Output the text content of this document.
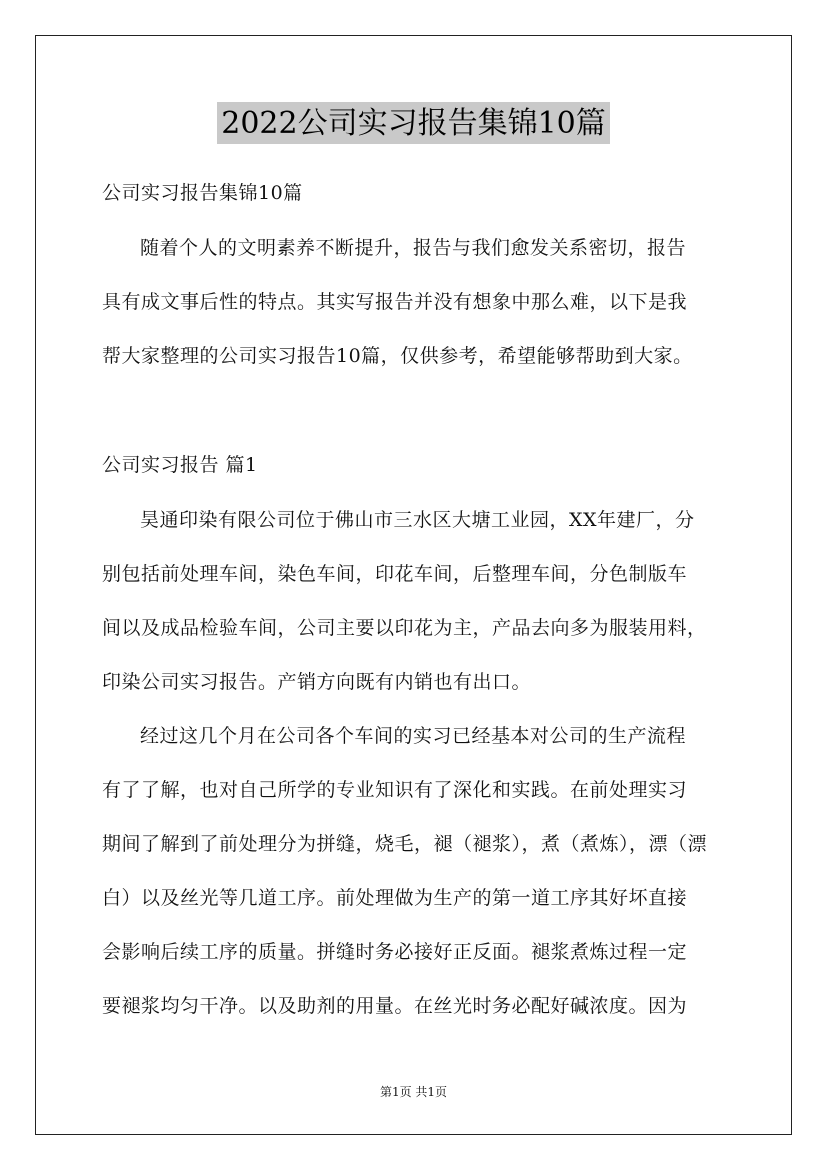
2022公司实习报告集锦10篇

公司实习报告集锦10篇

随着个人的文明素养不断提升，报告与我们愈发关系密切，报告

具有成文事后性的特点。其实写报告并没有想象中那么难，以下是我

帮大家整理的公司实习报告10篇，仅供参考，希望能够帮助到大家。

公司实习报告 篇1

昊通印染有限公司位于佛山市三水区大塘工业园，XX年建厂，分

别包括前处理车间，染色车间，印花车间，后整理车间，分色制版车

间以及成品检验车间，公司主要以印花为主，产品去向多为服装用料，

印染公司实习报告。产销方向既有内销也有出口。

经过这几个月在公司各个车间的实习已经基本对公司的生产流程

有了了解，也对自己所学的专业知识有了深化和实践。在前处理实习

期间了解到了前处理分为拼缝，烧毛，褪（褪浆），煮（煮炼），漂（漂

白）以及丝光等几道工序。前处理做为生产的第一道工序其好坏直接

会影响后续工序的质量。拼缝时务必接好正反面。褪浆煮炼过程一定

要褪浆均匀干净。以及助剂的用量。在丝光时务必配好碱浓度。因为

第1页 共1页
